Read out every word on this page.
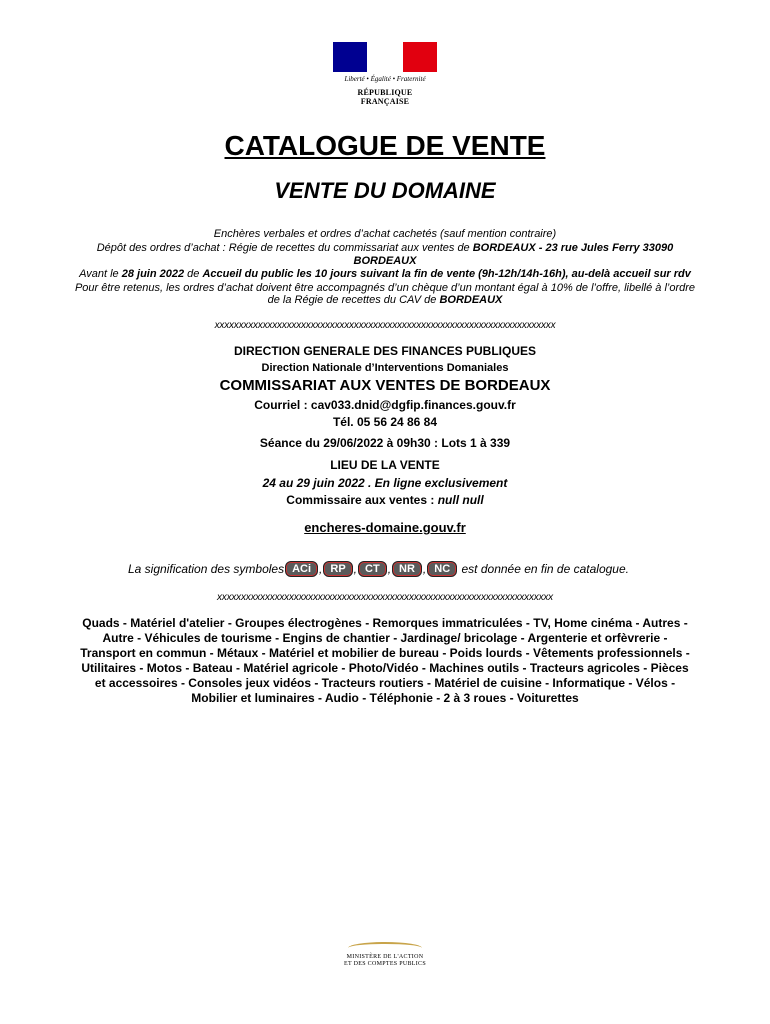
Liberté • Égalité • Fraternité
RÉPUBLIQUE FRANÇAISE
CATALOGUE DE VENTE
VENTE DU DOMAINE
Enchères verbales et ordres d’achat cachetés (sauf mention contraire)
Dépôt des ordres d’achat : Régie de recettes du commissariat aux ventes de BORDEAUX - 23 rue Jules Ferry 33090
BORDEAUX
Avant le 28 juin 2022 de Accueil du public les 10 jours suivant la fin de vente (9h-12h/14h-16h), au-delà accueil sur rdv
Pour être retenus, les ordres d’achat doivent être accompagnés d’un chèque d’un montant égal à 10% de l’offre, libellé à l’ordre
de la Régie de recettes du CAV de BORDEAUX
xxxxxxxxxxxxxxxxxxxxxxxxxxxxxxxxxxxxxxxxxxxxxxxxxxxxxxxxxxxxxxxxxxxxxxx
DIRECTION GENERALE DES FINANCES PUBLIQUES
Direction Nationale d’Interventions Domaniales
COMMISSARIAT AUX VENTES DE BORDEAUX
Courriel : cav033.dnid@dgfip.finances.gouv.fr
Tél. 05 56 24 86 84
Séance du 29/06/2022 à 09h30 : Lots 1 à 339
LIEU DE LA VENTE
24 au 29 juin 2022 . En ligne exclusivement
Commissaire aux ventes : null null
encheres-domaine.gouv.fr
La signification des symboles ACi , RP , CT , NR , NC
est donnée en fin de catalogue.
xxxxxxxxxxxxxxxxxxxxxxxxxxxxxxxxxxxxxxxxxxxxxxxxxxxxxxxxxxxxxxxxxxxxxx
Quads - Matériel d'atelier - Groupes électrogènes - Remorques immatriculées - TV, Home cinéma - Autres -
Autre - Véhicules de tourisme - Engins de chantier - Jardinage/ bricolage - Argenterie et orfèvrerie -
Transport en commun - Métaux - Matériel et mobilier de bureau - Poids lourds - Vêtements professionnels -
Utilitaires - Motos - Bateau - Matériel agricole - Photo/Vidéo - Machines outils - Tracteurs agricoles - Pièces
et accessoires - Consoles jeux vidéos - Tracteurs routiers - Matériel de cuisine - Informatique - Vélos -
Mobilier et luminaires - Audio - Téléphonie - 2 à 3 roues - Voiturettes
MINISTÈRE DE L'ACTION
ET DES COMPTES PUBLICS
